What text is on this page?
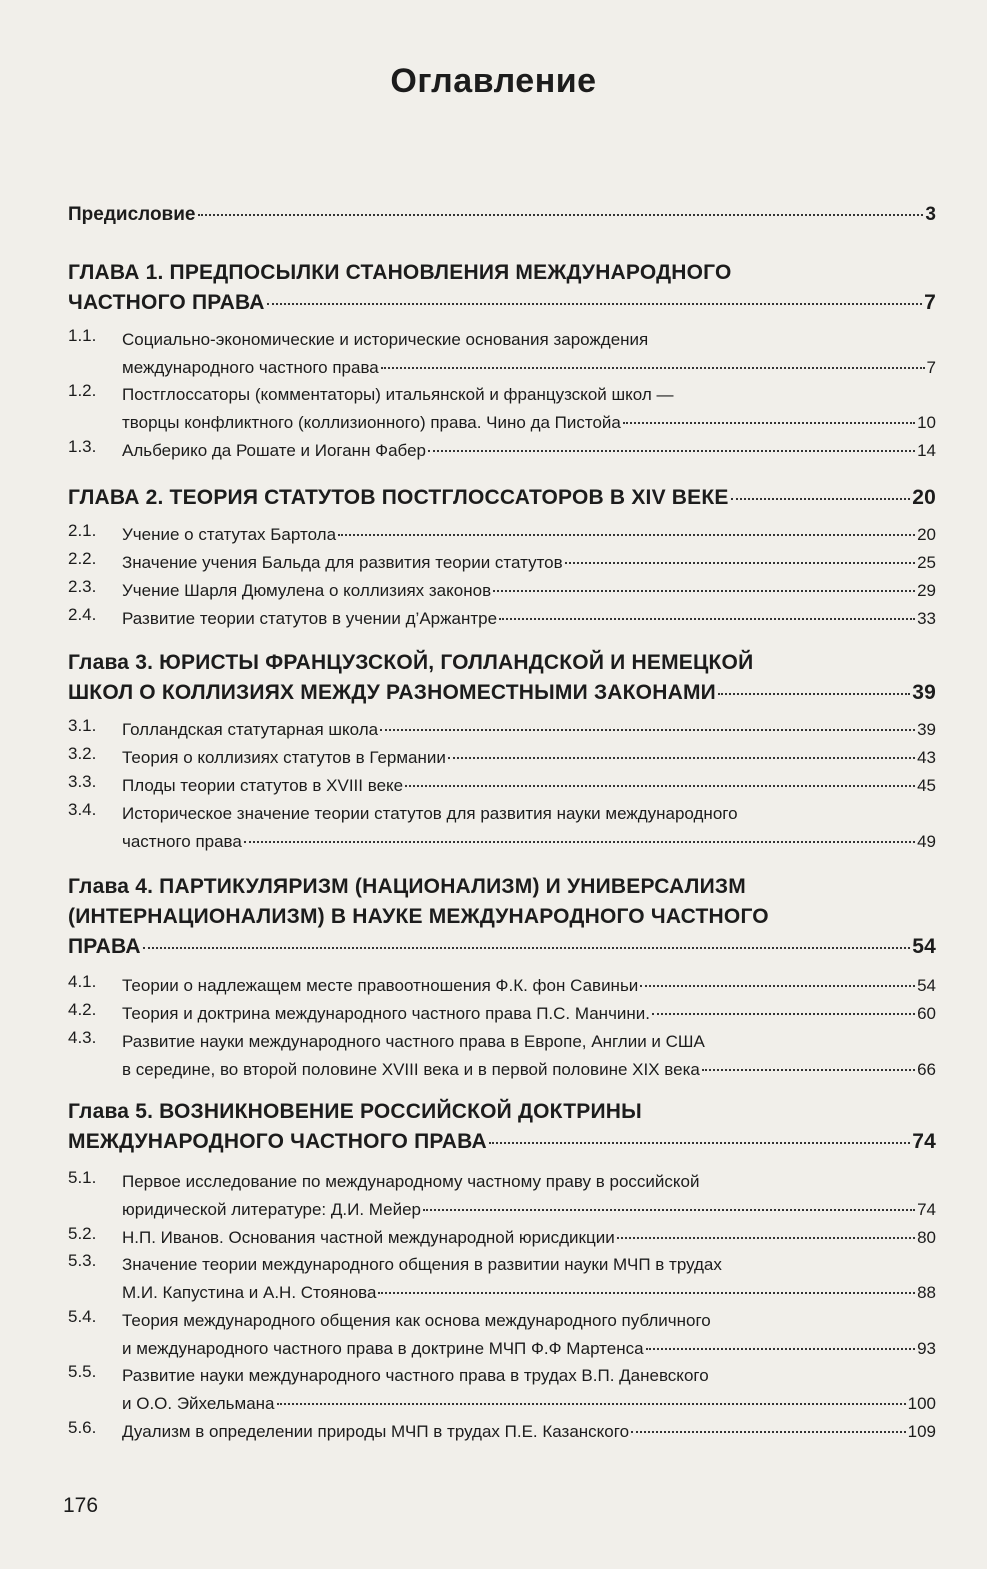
Оглавление
Предисловие	3
ГЛАВА 1. ПРЕДПОСЫЛКИ СТАНОВЛЕНИЯ МЕЖДУНАРОДНОГО
ЧАСТНОГО ПРАВА	7
1.1.	Социально-экономические и исторические основания зарождения
международного частного права	7
1.2.	Постглоссаторы (комментаторы) итальянской и французской школ —
творцы конфликтного (коллизионного) права. Чино да Пистойа	10
1.3.	Альберико да Рошате и Иоганн Фабер	14
ГЛАВА 2. ТЕОРИЯ СТАТУТОВ ПОСТГЛОССАТОРОВ В XIV ВЕКЕ	20
2.1.	Учение о статутах Бартола	20
2.2.	Значение учения Бальда для развития теории статутов	25
2.3.	Учение Шарля Дюмулена о коллизиях законов	29
2.4.	Развитие теории статутов в учении д’Аржантре	33
Глава 3. ЮРИСТЫ ФРАНЦУЗСКОЙ, ГОЛЛАНДСКОЙ И НЕМЕЦКОЙ
ШКОЛ О КОЛЛИЗИЯХ МЕЖДУ РАЗНОМЕСТНЫМИ ЗАКОНАМИ	39
3.1.	Голландская статутарная школа	39
3.2.	Теория о коллизиях статутов в Германии	43
3.3.	Плоды теории статутов в XVIII веке	45
3.4.	Историческое значение теории статутов для развития науки международного
частного права	49
Глава 4. ПАРТИКУЛЯРИЗМ (НАЦИОНАЛИЗМ) И УНИВЕРСАЛИЗМ
(ИНТЕРНАЦИОНАЛИЗМ) В НАУКЕ МЕЖДУНАРОДНОГО ЧАСТНОГО
ПРАВА	54
4.1.	Теории о надлежащем месте правоотношения Ф.К. фон Савиньи	54
4.2.	Теория и доктрина международного частного права П.С. Манчини.	60
4.3.	Развитие науки международного частного права в Европе, Англии и США
в середине, во второй половине XVIII века и в первой половине XIX века	66
Глава 5. ВОЗНИКНОВЕНИЕ РОССИЙСКОЙ ДОКТРИНЫ
МЕЖДУНАРОДНОГО ЧАСТНОГО ПРАВА	74
5.1.	Первое исследование по международному частному праву в российской
юридической литературе: Д.И. Мейер	74
5.2.	Н.П. Иванов. Основания частной международной юрисдикции	80
5.3.	Значение теории международного общения в развитии науки МЧП в трудах
М.И. Капустина и А.Н. Стоянова	88
5.4.	Теория международного общения как основа международного публичного
и международного частного права в доктрине МЧП Ф.Ф Мартенса	93
5.5.	Развитие науки международного частного права в трудах В.П. Даневского
и О.О. Эйхельмана	100
5.6.	Дуализм в определении природы МЧП в трудах П.Е. Казанского	109
176
